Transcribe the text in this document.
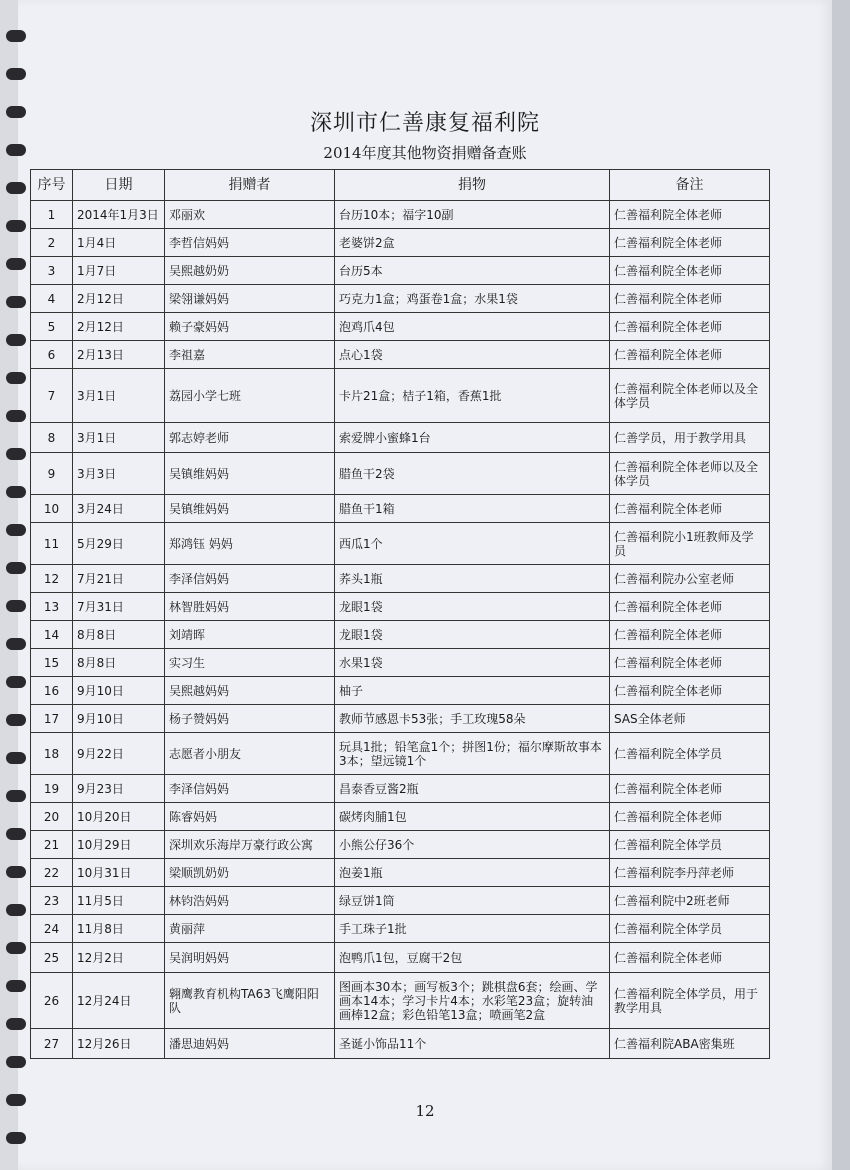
深圳市仁善康复福利院
2014年度其他物资捐赠备查账
序号	日期	捐赠者	捐物	备注
1	2014年1月3日	邓丽欢	台历10本；福字10副	仁善福利院全体老师
2	1月4日	李哲信妈妈	老婆饼2盒	仁善福利院全体老师
3	1月7日	吴熙越奶奶	台历5本	仁善福利院全体老师
4	2月12日	梁翎谦妈妈	巧克力1盒；鸡蛋卷1盒；水果1袋	仁善福利院全体老师
5	2月12日	赖子豪妈妈	泡鸡爪4包	仁善福利院全体老师
6	2月13日	李祖嘉	点心1袋	仁善福利院全体老师
7	3月1日	荔园小学七班	卡片21盒；桔子1箱，香蕉1批	仁善福利院全体老师以及全体学员
8	3月1日	郭志婷老师	索爱牌小蜜蜂1台	仁善学员，用于教学用具
9	3月3日	吴镇维妈妈	腊鱼干2袋	仁善福利院全体老师以及全体学员
10	3月24日	吴镇维妈妈	腊鱼干1箱	仁善福利院全体老师
11	5月29日	郑鸿钰 妈妈	西瓜1个	仁善福利院小1班教师及学员
12	7月21日	李泽信妈妈	荞头1瓶	仁善福利院办公室老师
13	7月31日	林智胜妈妈	龙眼1袋	仁善福利院全体老师
14	8月8日	刘靖晖	龙眼1袋	仁善福利院全体老师
15	8月8日	实习生	水果1袋	仁善福利院全体老师
16	9月10日	吴熙越妈妈	柚子	仁善福利院全体老师
17	9月10日	杨子赞妈妈	教师节感恩卡53张；手工玫瑰58朵	SAS全体老师
18	9月22日	志愿者小朋友	玩具1批；铅笔盒1个；拼图1份；福尔摩斯故事本3本；望远镜1个	仁善福利院全体学员
19	9月23日	李泽信妈妈	昌泰香豆酱2瓶	仁善福利院全体老师
20	10月20日	陈睿妈妈	碳烤肉脯1包	仁善福利院全体老师
21	10月29日	深圳欢乐海岸万豪行政公寓	小熊公仔36个	仁善福利院全体学员
22	10月31日	梁顺凯奶奶	泡姜1瓶	仁善福利院李丹萍老师
23	11月5日	林钧浩妈妈	绿豆饼1筒	仁善福利院中2班老师
24	11月8日	黄丽萍	手工珠子1批	仁善福利院全体学员
25	12月2日	吴润明妈妈	泡鸭爪1包，豆腐干2包	仁善福利院全体老师
26	12月24日	翱鹰教育机构TA63飞鹰阳阳队	图画本30本；画写板3个；跳棋盘6套；绘画、学画本14本；学习卡片4本；水彩笔23盒；旋转油画棒12盒；彩色铅笔13盒；喷画笔2盒	仁善福利院全体学员，用于教学用具
27	12月26日	潘思迪妈妈	圣诞小饰品11个	仁善福利院ABA密集班
12
